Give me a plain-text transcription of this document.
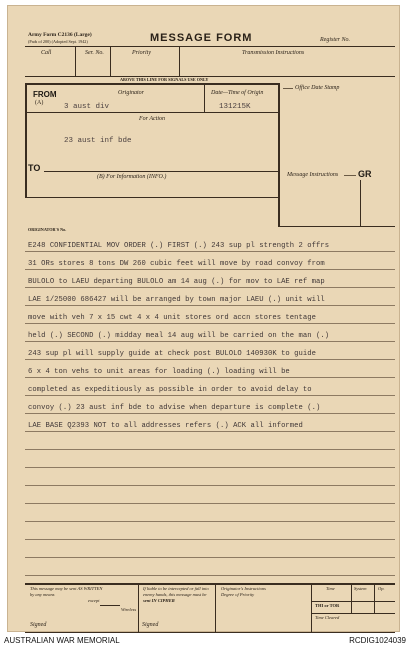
Army Form C2136 (Large)
(Pads of 200) (Adopted Sept. 1942)	MESSAGE FORM	Register No.
Call	Ser. No.	Priority	Transmission Instructions
ABOVE THIS LINE FOR SIGNALS USE ONLY
FROM
(A)
Originator
3 aust div
Date—Time of Origin
131215K
For Action
23 aust inf bde
TO
(B) For Information (INFO.)
Office Date Stamp
Message Instructions GR
ORIGINATOR'S No.
E248 CONFIDENTIAL MOV ORDER (.) FIRST (.) 243 sup pl strength 2 offrs
31 ORs stores 8 tons DW 260 cubic feet will move by road convoy from
BULOLO to LAEU departing BULOLO am 14 aug (.) for mov to LAE ref map
LAE 1/25000 686427 will be arranged by town major LAEU (.) unit will
move with veh 7 x 15 cwt 4 x 4 unit stores ord accn stores tentage
held (.) SECOND (.) midday meal 14 aug will be carried on the man (.)
243 sup pl will supply guide at check post BULOLO 140930K to guide
6 x 4 ton vehs to unit areas for loading (.) loading will be
completed as expeditiously as possible in order to avoid delay to
convoy (.) 23 aust inf bde to advise when departure is complete (.)
LAE BASE Q2393 NOT to all addresses refers (.) ACK all informed
This message may be sent AS WRITTEN
by any means
except
Wireless
If liable to be intercepted or fall into
enemy hands, this message must be
sent IN CIPHER
Originator's Instructions
Degree of Priority
Time	System	Op.
THI or TOR
Time Cleared
Signed	Signed
AUSTRALIAN WAR MEMORIAL	RCDIG1024039
